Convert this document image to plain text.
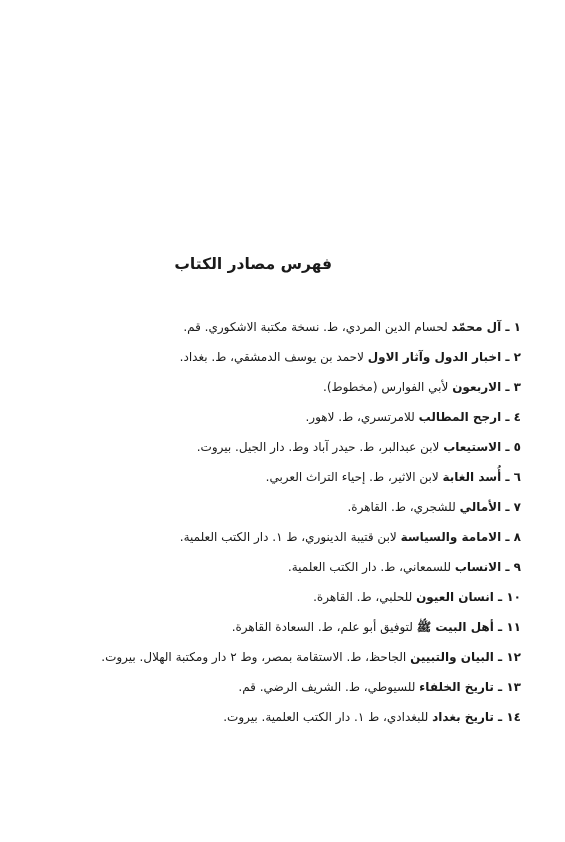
فهرس مصادر الكتاب
١ ـ آل محمّد لحسام الدين المردي، ط. نسخة مكتبة الاشكوري. قم.
٢ ـ اخبار الدول وآثار الاول لاحمد بن يوسف الدمشقي، ط. بغداد.
٣ ـ الاربعون لأبي الفوارس (مخطوط).
٤ ـ ارجح المطالب للامرتسري، ط. لاهور.
٥ ـ الاستيعاب لابن عبدالبر، ط. حيدر آباد وط. دار الجيل. بيروت.
٦ ـ أُسد الغابة لابن الاثير، ط. إحياء التراث العربي.
٧ ـ الأمالي للشجري، ط. القاهرة.
٨ ـ الامامة والسياسة لابن قتيبة الدينوري، ط ١. دار الكتب العلمية.
٩ ـ الانساب للسمعاني، ط. دار الكتب العلمية.
١٠ ـ انسان العيون للحلبي، ط. القاهرة.
١١ ـ أهل البيت ﷺ لتوفيق أبو علم، ط. السعادة القاهرة.
١٢ ـ البيان والتبيين الجاحظ، ط. الاستقامة بمصر، وط ٢ دار ومكتبة الهلال. بيروت.
١٣ ـ تاريخ الخلفاء للسيوطي، ط. الشريف الرضي. قم.
١٤ ـ تاريخ بغداد للبغدادي، ط ١. دار الكتب العلمية. بيروت.
